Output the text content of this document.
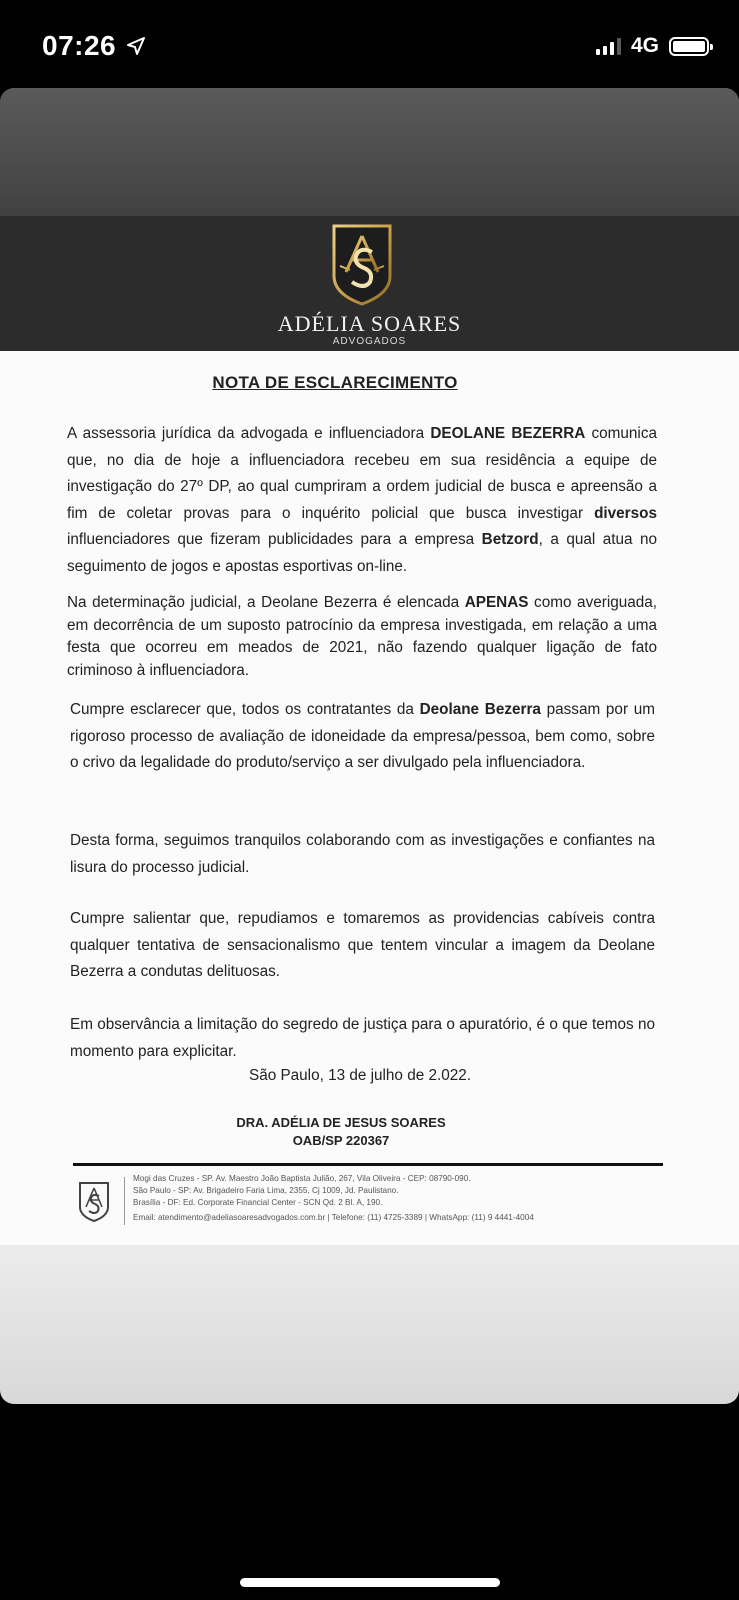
07:26	4G
ADÉLIA SOARES
ADVOGADOS
NOTA DE ESCLARECIMENTO

A assessoria jurídica da advogada e influenciadora DEOLANE BEZERRA comunica que, no dia de hoje a influenciadora recebeu em sua residência a equipe de investigação do 27º DP, ao qual cumpriram a ordem judicial de busca e apreensão a fim de coletar provas para o inquérito policial que busca investigar diversos influenciadores que fizeram publicidades para a empresa Betzord, a qual atua no seguimento de jogos e apostas esportivas on-line.

Na determinação judicial, a Deolane Bezerra é elencada APENAS como averiguada, em decorrência de um suposto patrocínio da empresa investigada, em relação a uma festa que ocorreu em meados de 2021, não fazendo qualquer ligação de fato criminoso à influenciadora.

Cumpre esclarecer que, todos os contratantes da Deolane Bezerra passam por um rigoroso processo de avaliação de idoneidade da empresa/pessoa, bem como, sobre o crivo da legalidade do produto/serviço a ser divulgado pela influenciadora.

Desta forma, seguimos tranquilos colaborando com as investigações e confiantes na lisura do processo judicial.

Cumpre salientar que, repudiamos e tomaremos as providencias cabíveis contra qualquer tentativa de sensacionalismo que tentem vincular a imagem da Deolane Bezerra a condutas delituosas.

Em observância a limitação do segredo de justiça para o apuratório, é o que temos no momento para explicitar.

São Paulo, 13 de julho de 2.022.
DRA. ADÉLIA DE JESUS SOARES
OAB/SP 220367
Mogi das Cruzes - SP. Av. Maestro João Baptista Julião, 267, Vila Oliveira - CEP: 08790-090.
São Paulo - SP: Av. Brigadeiro Faria Lima, 2355, Cj 1009, Jd. Paulistano.
Brasília - DF: Ed. Corporate Financial Center - SCN Qd. 2 Bl. A, 190.
Email: atendimento@adeliasoaresadvogados.com.br | Telefone: (11) 4725-3389 | WhatsApp: (11) 9 4441-4004
